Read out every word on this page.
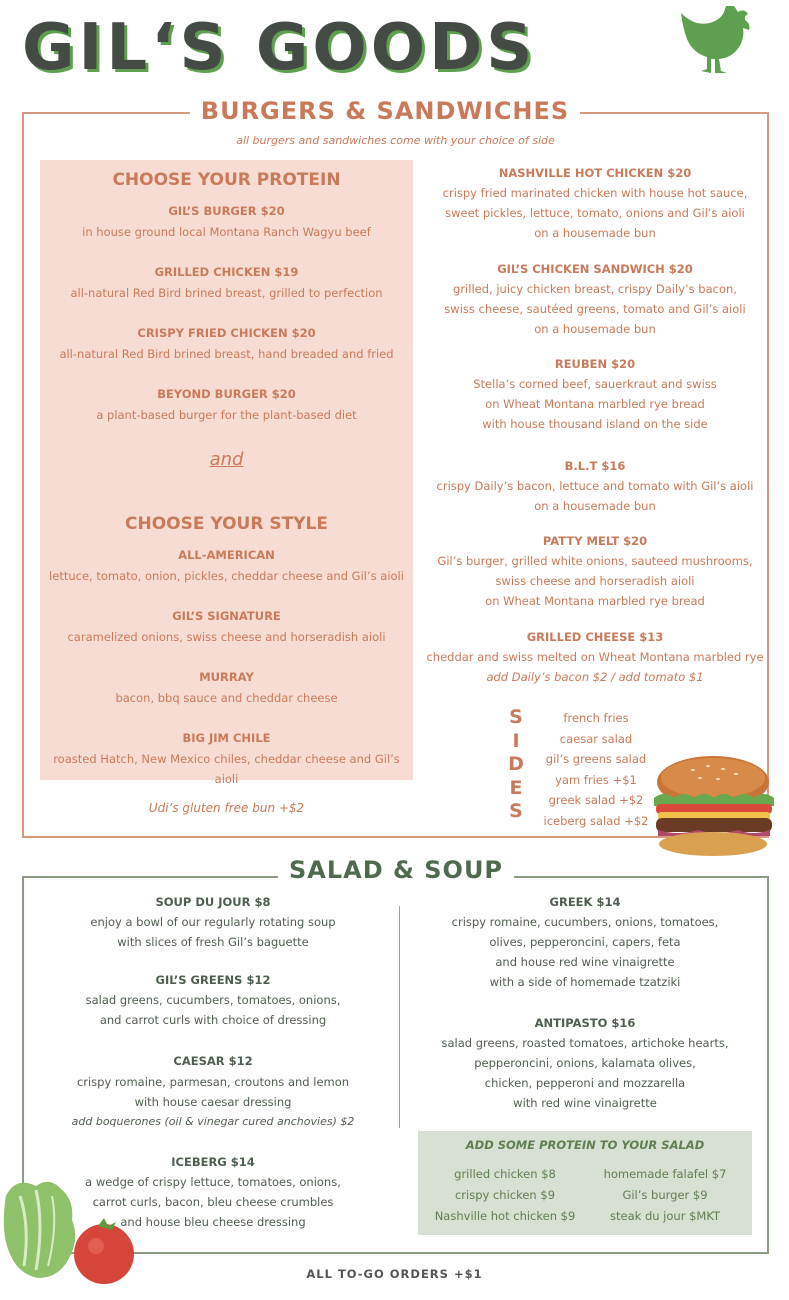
GIL‘S GOODS
BURGERS & SANDWICHES
all burgers and sandwiches come with your choice of side
CHOOSE YOUR PROTEIN
GIL’S BURGER $20
in house ground local Montana Ranch Wagyu beef
GRILLED CHICKEN $19
all-natural Red Bird brined breast, grilled to perfection
CRISPY FRIED CHICKEN $20
all-natural Red Bird brined breast, hand breaded and fried
BEYOND BURGER $20
a plant-based burger for the plant-based diet
and
CHOOSE YOUR STYLE
ALL-AMERICAN
lettuce, tomato, onion, pickles, cheddar cheese and Gil’s aioli
GIL’S SIGNATURE
caramelized onions, swiss cheese and horseradish aioli
MURRAY
bacon, bbq sauce and cheddar cheese
BIG JIM CHILE
roasted Hatch, New Mexico chiles, cheddar cheese and Gil’s aioli
Udi’s gluten free bun +$2
NASHVILLE HOT CHICKEN $20
crispy fried marinated chicken with house hot sauce,
sweet pickles, lettuce, tomato, onions and Gil’s aioli
on a housemade bun
GIL’S CHICKEN SANDWICH $20
grilled, juicy chicken breast, crispy Daily’s bacon,
swiss cheese, sautéed greens, tomato and Gil’s aioli
on a housemade bun
REUBEN $20
Stella’s corned beef, sauerkraut and swiss
on Wheat Montana marbled rye bread
with house thousand island on the side
B.L.T $16
crispy Daily’s bacon, lettuce and tomato with Gil’s aioli
on a housemade bun
PATTY MELT $20
Gil’s burger, grilled white onions, sauteed mushrooms,
swiss cheese and horseradish aioli
on Wheat Montana marbled rye bread
GRILLED CHEESE $13
cheddar and swiss melted on Wheat Montana marbled rye
add Daily’s bacon $2 / add tomato $1
S
I
D
E
S
french fries
caesar salad
gil’s greens salad
yam fries +$1
greek salad +$2
iceberg salad +$2
SALAD & SOUP
SOUP DU JOUR $8
enjoy a bowl of our regularly rotating soup
with slices of fresh Gil’s baguette
GIL’S GREENS $12
salad greens, cucumbers, tomatoes, onions,
and carrot curls with choice of dressing
CAESAR $12
crispy romaine, parmesan, croutons and lemon
with house caesar dressing
add boquerones (oil & vinegar cured anchovies) $2
ICEBERG $14
a wedge of crispy lettuce, tomatoes, onions,
carrot curls, bacon, bleu cheese crumbles
and house bleu cheese dressing
GREEK $14
crispy romaine, cucumbers, onions, tomatoes,
olives, pepperoncini, capers, feta
and house red wine vinaigrette
with a side of homemade tzatziki
ANTIPASTO $16
salad greens, roasted tomatoes, artichoke hearts,
pepperoncini, onions, kalamata olives,
chicken, pepperoni and mozzarella
with red wine vinaigrette
ADD SOME PROTEIN TO YOUR SALAD
grilled chicken $8
crispy chicken $9
Nashville hot chicken $9
homemade falafel $7
Gil’s burger $9
steak du jour $MKT
ALL TO-GO ORDERS +$1
